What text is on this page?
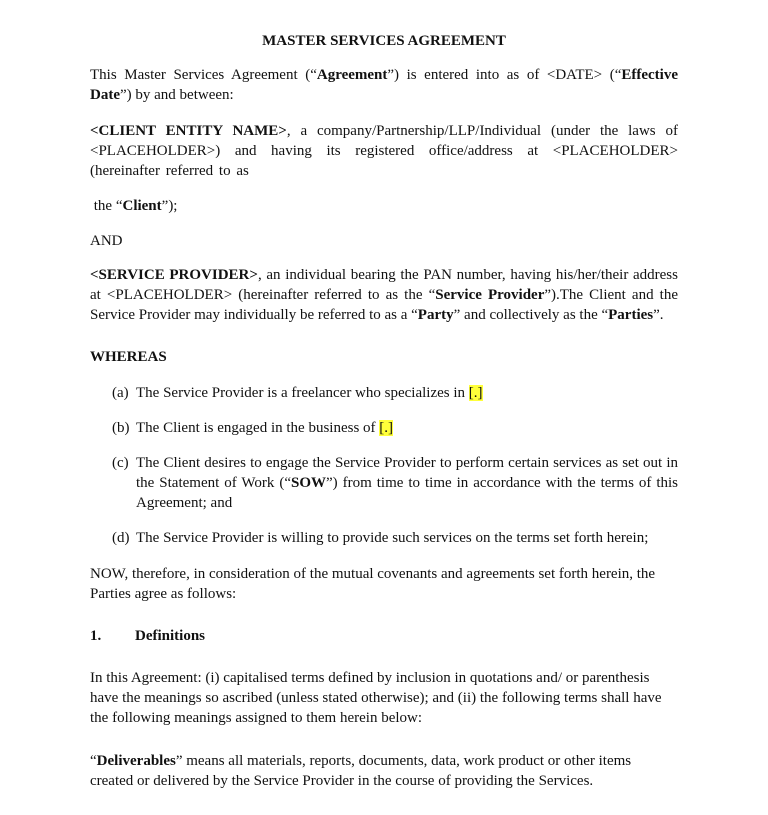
MASTER SERVICES AGREEMENT
This Master Services Agreement (“Agreement”) is entered into as of <DATE> (“Effective Date”) by and between:
<CLIENT ENTITY NAME>, a company/Partnership/LLP/Individual (under the laws of <PLACEHOLDER>) and having its registered office/address at <PLACEHOLDER> (hereinafter referred to as
the “Client”);
AND
<SERVICE PROVIDER>, an individual bearing the PAN number, having his/her/their address at <PLACEHOLDER> (hereinafter referred to as the “Service Provider”).The Client and the Service Provider may individually be referred to as a “Party” and collectively as the “Parties”.
WHEREAS
(a) The Service Provider is a freelancer who specializes in [.]
(b) The Client is engaged in the business of [.]
(c) The Client desires to engage the Service Provider to perform certain services as set out in the Statement of Work (“SOW”) from time to time in accordance with the terms of this Agreement; and
(d) The Service Provider is willing to provide such services on the terms set forth herein;
NOW, therefore, in consideration of the mutual covenants and agreements set forth herein, the Parties agree as follows:
1. Definitions
In this Agreement: (i) capitalised terms defined by inclusion in quotations and/ or parenthesis have the meanings so ascribed (unless stated otherwise); and (ii) the following terms shall have the following meanings assigned to them herein below:
“Deliverables” means all materials, reports, documents, data, work product or other items created or delivered by the Service Provider in the course of providing the Services.
